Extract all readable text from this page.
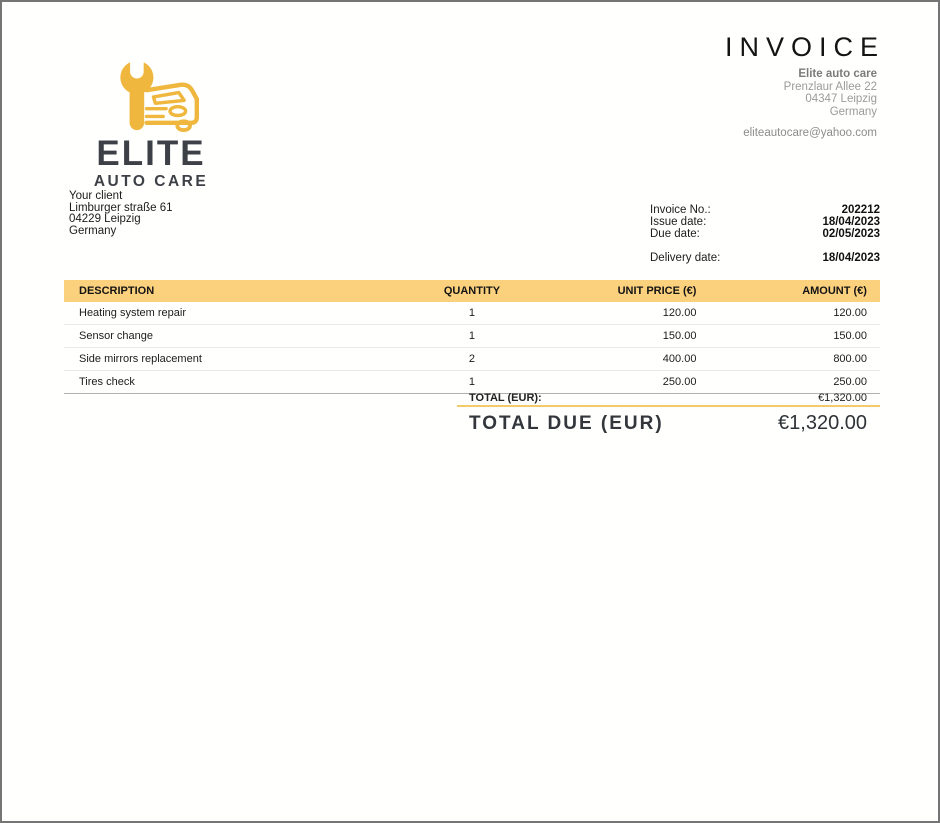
ELITE
AUTO CARE
INVOICE
Elite auto care
Prenzlaur Allee 22
04347 Leipzig
Germany
eliteautocare@yahoo.com
Your client
Limburger straße 61
04229 Leipzig
Germany
Invoice No.:	202212
Issue date:	18/04/2023
Due date:	02/05/2023
Delivery date:	18/04/2023
DESCRIPTION	QUANTITY	UNIT PRICE (€)	AMOUNT (€)
Heating system repair	1	120.00	120.00
Sensor change	1	150.00	150.00
Side mirrors replacement	2	400.00	800.00
Tires check	1	250.00	250.00
TOTAL (EUR):	€1,320.00
TOTAL DUE (EUR)	€1,320.00
